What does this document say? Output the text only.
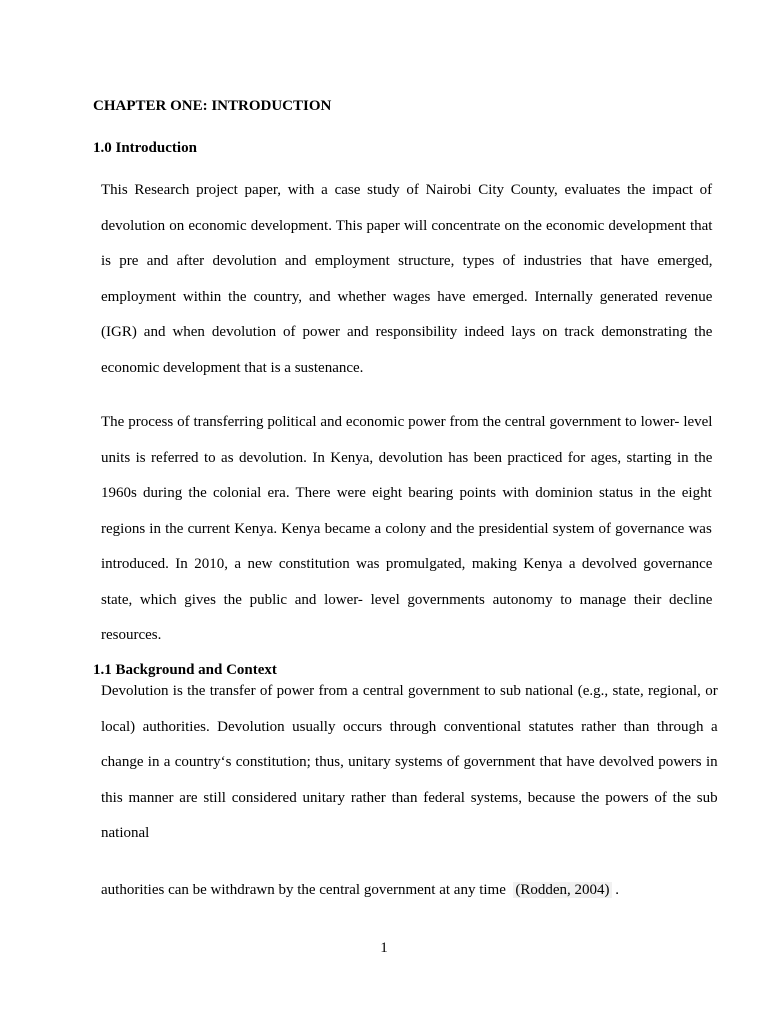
CHAPTER ONE: INTRODUCTION
1.0 Introduction
This Research project paper, with a case study of Nairobi City County, evaluates the impact of
devolution on economic development. This paper will concentrate on the economic development that
is pre and after devolution and employment structure, types of industries that have emerged,
employment within the country, and whether wages have emerged. Internally generated revenue
(IGR) and when devolution of power and responsibility indeed lays on track demonstrating the
economic development that is a sustenance.
The process of transferring political and economic power from the central government to lower- level
units is referred to as devolution. In Kenya, devolution has been practiced for ages, starting in the
1960s during the colonial era. There were eight bearing points with dominion status in the eight
regions in the current Kenya. Kenya became a colony and the presidential system of governance was
introduced. In 2010, a new constitution was promulgated, making Kenya a devolved governance
state, which gives the public and lower- level governments autonomy to manage their decline
resources.
1.1 Background and Context
Devolution is the transfer of power from a central government to sub national (e.g., state, regional, or
local) authorities. Devolution usually occurs through conventional statutes rather than through a
change in a country‘s constitution; thus, unitary systems of government that have devolved powers in
this manner are still considered unitary rather than federal systems, because the powers of the sub
national
authorities can be withdrawn by the central government at any time (Rodden, 2004) .

1
